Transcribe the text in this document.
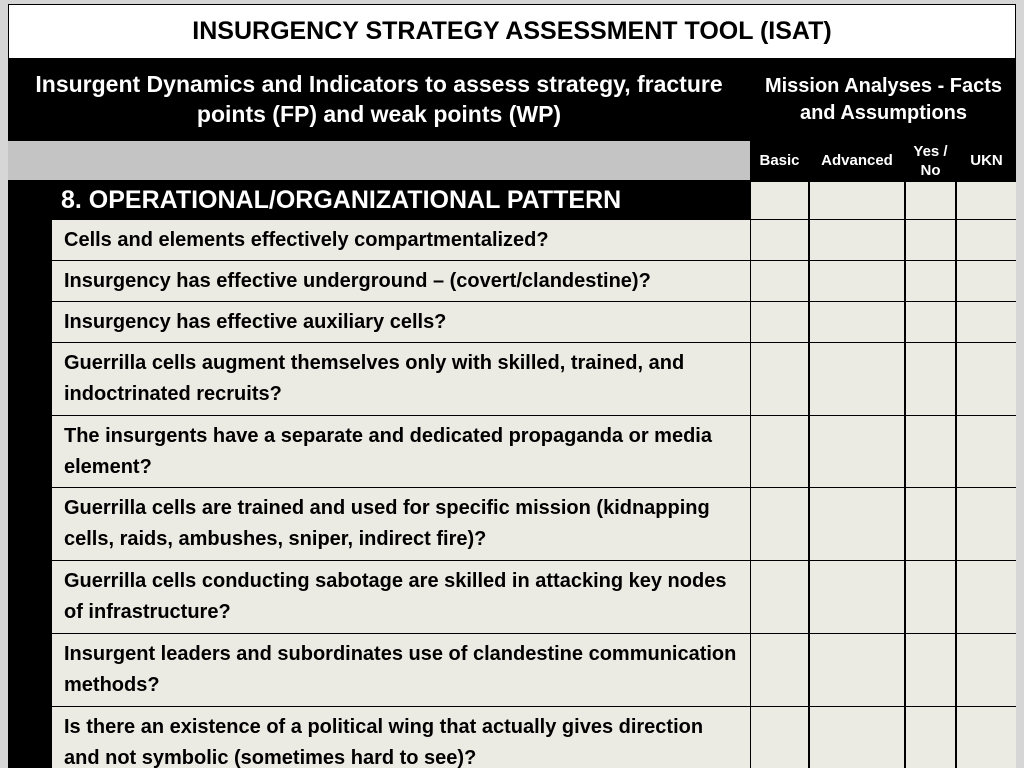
INSURGENCY STRATEGY ASSESSMENT TOOL (ISAT)
Insurgent Dynamics and Indicators to assess strategy, fracture points (FP) and weak points (WP)
Mission Analyses - Facts and Assumptions
Basic	Advanced
Yes / No
UKN
8. OPERATIONAL/ORGANIZATIONAL PATTERN
Cells and elements effectively compartmentalized?
Insurgency has effective underground – (covert/clandestine)?
Insurgency has effective auxiliary cells?
Guerrilla cells augment themselves only with skilled, trained, and indoctrinated recruits?
The insurgents have a separate and dedicated propaganda or media element?
Guerrilla cells are trained and used for specific mission (kidnapping cells, raids, ambushes, sniper, indirect fire)?
Guerrilla cells conducting sabotage are skilled in attacking key nodes of infrastructure?
Insurgent leaders and subordinates use of clandestine communication methods?
Is there an existence of a political wing that actually gives direction and not symbolic (sometimes hard to see)?
